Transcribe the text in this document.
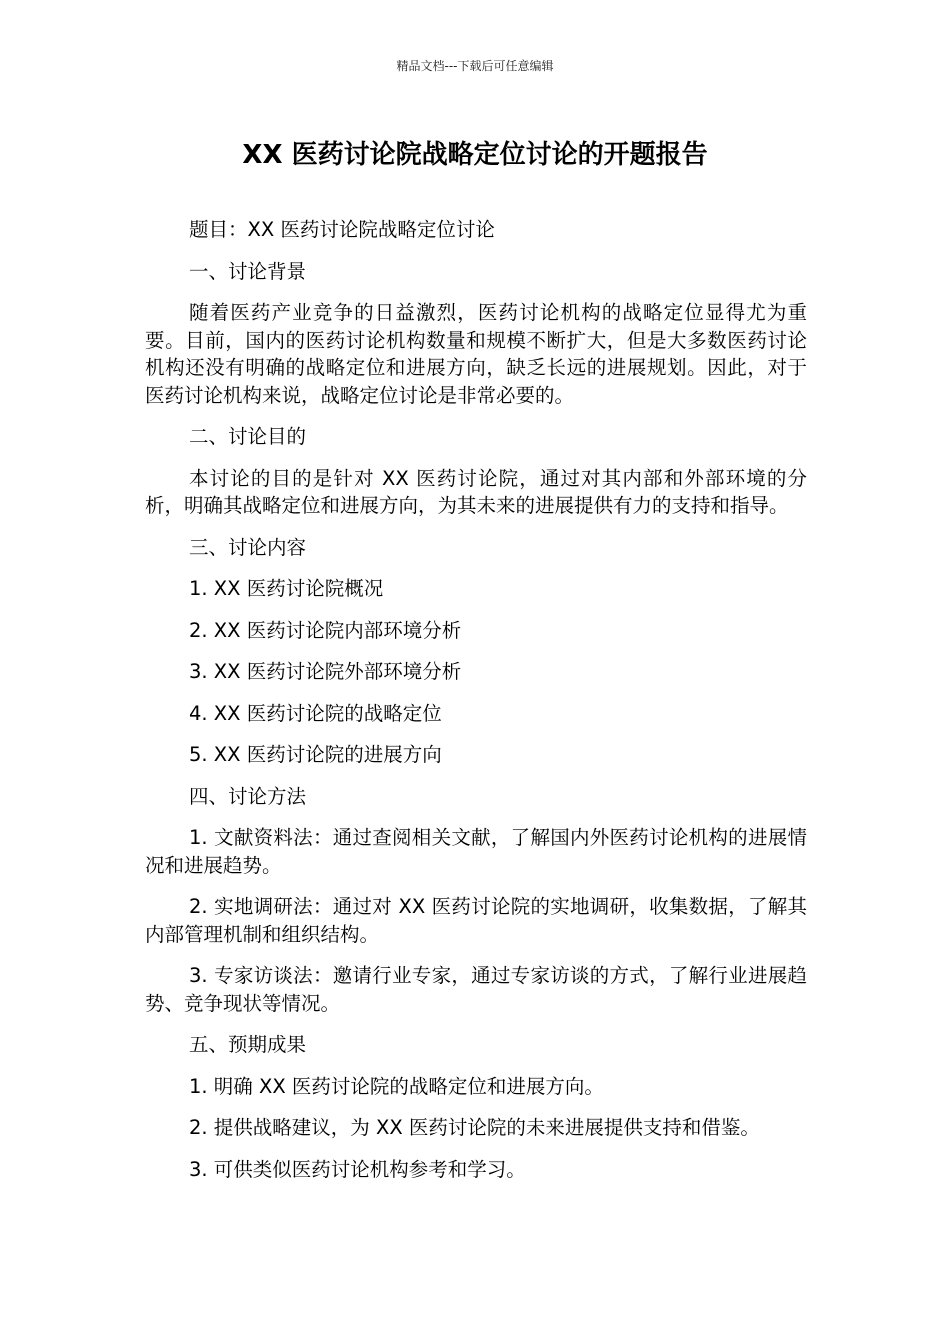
精品文档---下载后可任意编辑
XX 医药讨论院战略定位讨论的开题报告

题目：XX 医药讨论院战略定位讨论

一、讨论背景

随着医药产业竞争的日益激烈，医药讨论机构的战略定位显得尤为重要。目前，国内的医药讨论机构数量和规模不断扩大，但是大多数医药讨论机构还没有明确的战略定位和进展方向，缺乏长远的进展规划。因此，对于医药讨论机构来说，战略定位讨论是非常必要的。

二、讨论目的

本讨论的目的是针对 XX 医药讨论院，通过对其内部和外部环境的分析，明确其战略定位和进展方向，为其未来的进展提供有力的支持和指导。

三、讨论内容

1. XX 医药讨论院概况

2. XX 医药讨论院内部环境分析

3. XX 医药讨论院外部环境分析

4. XX 医药讨论院的战略定位

5. XX 医药讨论院的进展方向

四、讨论方法

1. 文献资料法：通过查阅相关文献，了解国内外医药讨论机构的进展情况和进展趋势。

2. 实地调研法：通过对 XX 医药讨论院的实地调研，收集数据，了解其内部管理机制和组织结构。

3. 专家访谈法：邀请行业专家，通过专家访谈的方式，了解行业进展趋势、竞争现状等情况。

五、预期成果

1. 明确 XX 医药讨论院的战略定位和进展方向。

2. 提供战略建议，为 XX 医药讨论院的未来进展提供支持和借鉴。

3. 可供类似医药讨论机构参考和学习。
